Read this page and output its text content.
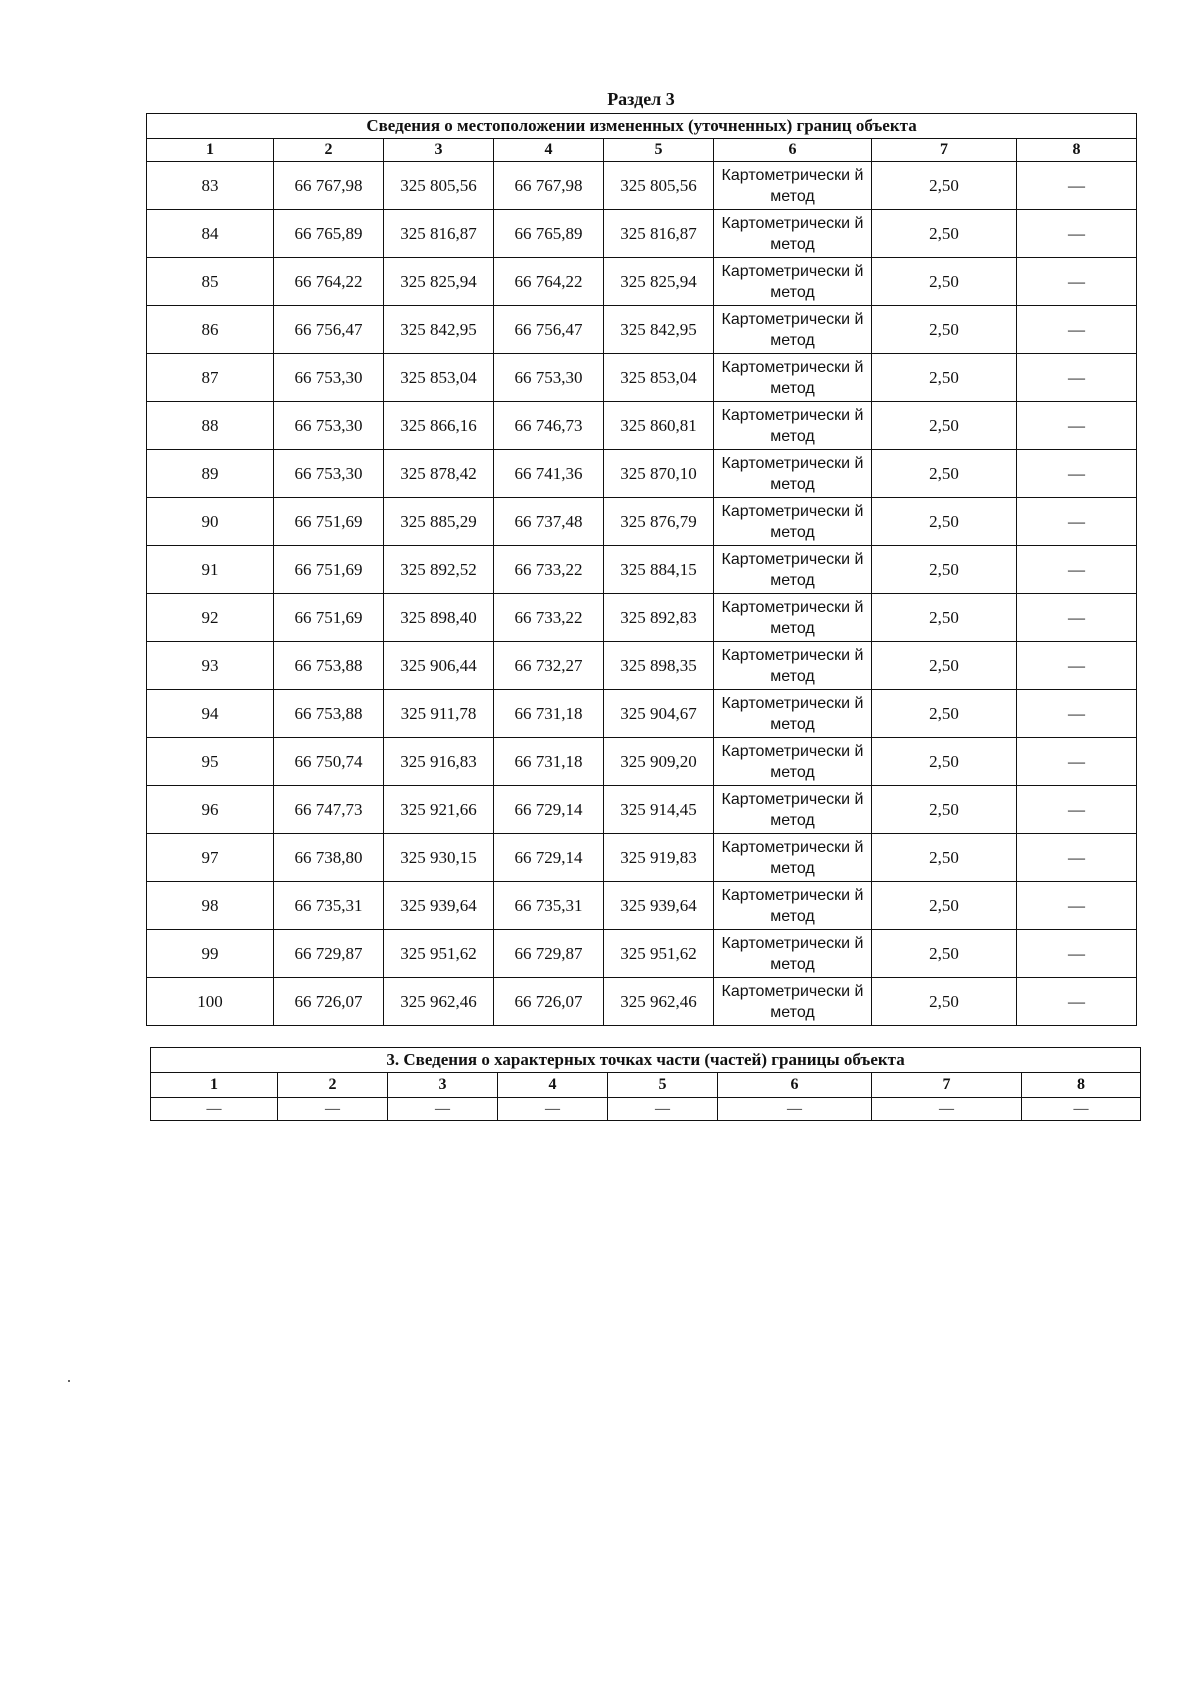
Раздел 3
Сведения о местоположении измененных (уточненных) границ объекта							
1	2	3	4	5	6	7	8
83	66 767,98	325 805,56	66 767,98	325 805,56	Картометрически й метод	2,50	—
84	66 765,89	325 816,87	66 765,89	325 816,87	Картометрически й метод	2,50	—
85	66 764,22	325 825,94	66 764,22	325 825,94	Картометрически й метод	2,50	—
86	66 756,47	325 842,95	66 756,47	325 842,95	Картометрически й метод	2,50	—
87	66 753,30	325 853,04	66 753,30	325 853,04	Картометрически й метод	2,50	—
88	66 753,30	325 866,16	66 746,73	325 860,81	Картометрически й метод	2,50	—
89	66 753,30	325 878,42	66 741,36	325 870,10	Картометрически й метод	2,50	—
90	66 751,69	325 885,29	66 737,48	325 876,79	Картометрически й метод	2,50	—
91	66 751,69	325 892,52	66 733,22	325 884,15	Картометрически й метод	2,50	—
92	66 751,69	325 898,40	66 733,22	325 892,83	Картометрически й метод	2,50	—
93	66 753,88	325 906,44	66 732,27	325 898,35	Картометрически й метод	2,50	—
94	66 753,88	325 911,78	66 731,18	325 904,67	Картометрически й метод	2,50	—
95	66 750,74	325 916,83	66 731,18	325 909,20	Картометрически й метод	2,50	—
96	66 747,73	325 921,66	66 729,14	325 914,45	Картометрически й метод	2,50	—
97	66 738,80	325 930,15	66 729,14	325 919,83	Картометрически й метод	2,50	—
98	66 735,31	325 939,64	66 735,31	325 939,64	Картометрически й метод	2,50	—
99	66 729,87	325 951,62	66 729,87	325 951,62	Картометрически й метод	2,50	—
100	66 726,07	325 962,46	66 726,07	325 962,46	Картометрически й метод	2,50	—
3. Сведения о характерных точках части (частей) границы объекта							
1	2	3	4	5	6	7	8
—	—	—	—	—	—	—	—
